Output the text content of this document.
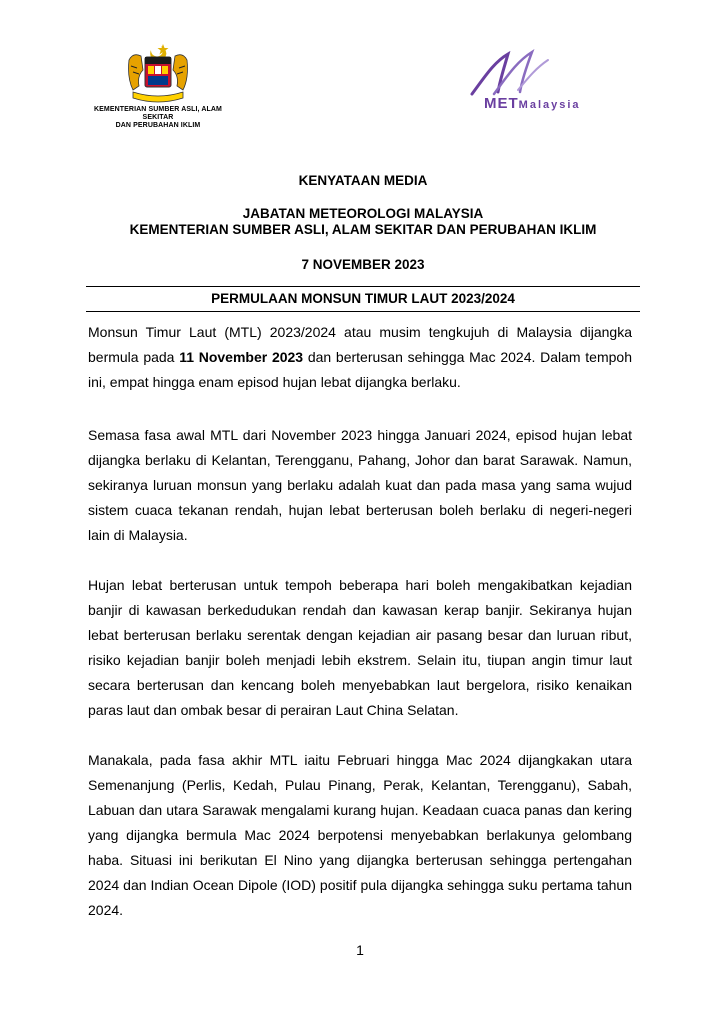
KEMENTERIAN SUMBER ASLI, ALAM SEKITAR
DAN PERUBAHAN IKLIM
METMalaysia
KENYATAAN MEDIA
JABATAN METEOROLOGI MALAYSIA
KEMENTERIAN SUMBER ASLI, ALAM SEKITAR DAN PERUBAHAN IKLIM
7 NOVEMBER 2023
PERMULAAN MONSUN TIMUR LAUT 2023/2024

Monsun Timur Laut (MTL) 2023/2024 atau musim tengkujuh di Malaysia dijangka bermula pada 11 November 2023 dan berterusan sehingga Mac 2024. Dalam tempoh ini, empat hingga enam episod hujan lebat dijangka berlaku.

Semasa fasa awal MTL dari November 2023 hingga Januari 2024, episod hujan lebat dijangka berlaku di Kelantan, Terengganu, Pahang, Johor dan barat Sarawak. Namun, sekiranya luruan monsun yang berlaku adalah kuat dan pada masa yang sama wujud sistem cuaca tekanan rendah, hujan lebat berterusan boleh berlaku di negeri-negeri lain di Malaysia.

Hujan lebat berterusan untuk tempoh beberapa hari boleh mengakibatkan kejadian banjir di kawasan berkedudukan rendah dan kawasan kerap banjir. Sekiranya hujan lebat berterusan berlaku serentak dengan kejadian air pasang besar dan luruan ribut, risiko kejadian banjir boleh menjadi lebih ekstrem. Selain itu, tiupan angin timur laut secara berterusan dan kencang boleh menyebabkan laut bergelora, risiko kenaikan paras laut dan ombak besar di perairan Laut China Selatan.

Manakala, pada fasa akhir MTL iaitu Februari hingga Mac 2024 dijangkakan utara Semenanjung (Perlis, Kedah, Pulau Pinang, Perak, Kelantan, Terengganu), Sabah, Labuan dan utara Sarawak mengalami kurang hujan. Keadaan cuaca panas dan kering yang dijangka bermula Mac 2024 berpotensi menyebabkan berlakunya gelombang haba. Situasi ini berikutan El Nino yang dijangka berterusan sehingga pertengahan 2024 dan Indian Ocean Dipole (IOD) positif pula dijangka sehingga suku pertama tahun 2024.

1
